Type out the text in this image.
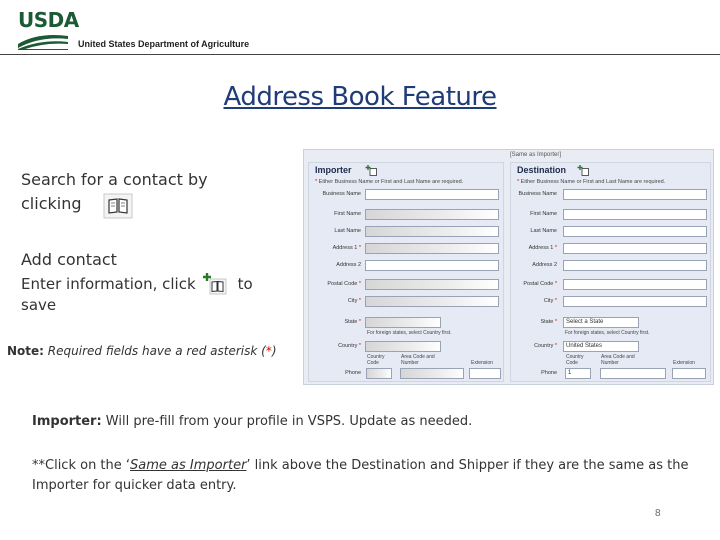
USDA
United States Department of Agriculture
Address Book Feature
Search for a contact by clicking
Add contact
Enter information, click	to
save
Note: Required fields have a red asterisk (*)
[Same as Importer]
Importer
* Either Business Name or First and Last Name are required.
Business Name
First Name
Last Name
Address 1 *
Address 2
Postal Code *
City *
State *
For foreign states, select Country first.
Country *
Country Code
Area Code and Number	Extension
Phone
Destination
* Either Business Name or First and Last Name are required.
Business Name
First Name
Last Name
Address 1 *
Address 2
Postal Code *
City *
State *	Select a State
For foreign states, select Country first.
Country *	United States
Country Code
Area Code and Number	Extension
Phone	1
Importer: Will pre-fill from your profile in VSPS. Update as needed.
**Click on the ‘Same as Importer’ link above the Destination and Shipper if they are the same as the Importer for quicker data entry.
8
